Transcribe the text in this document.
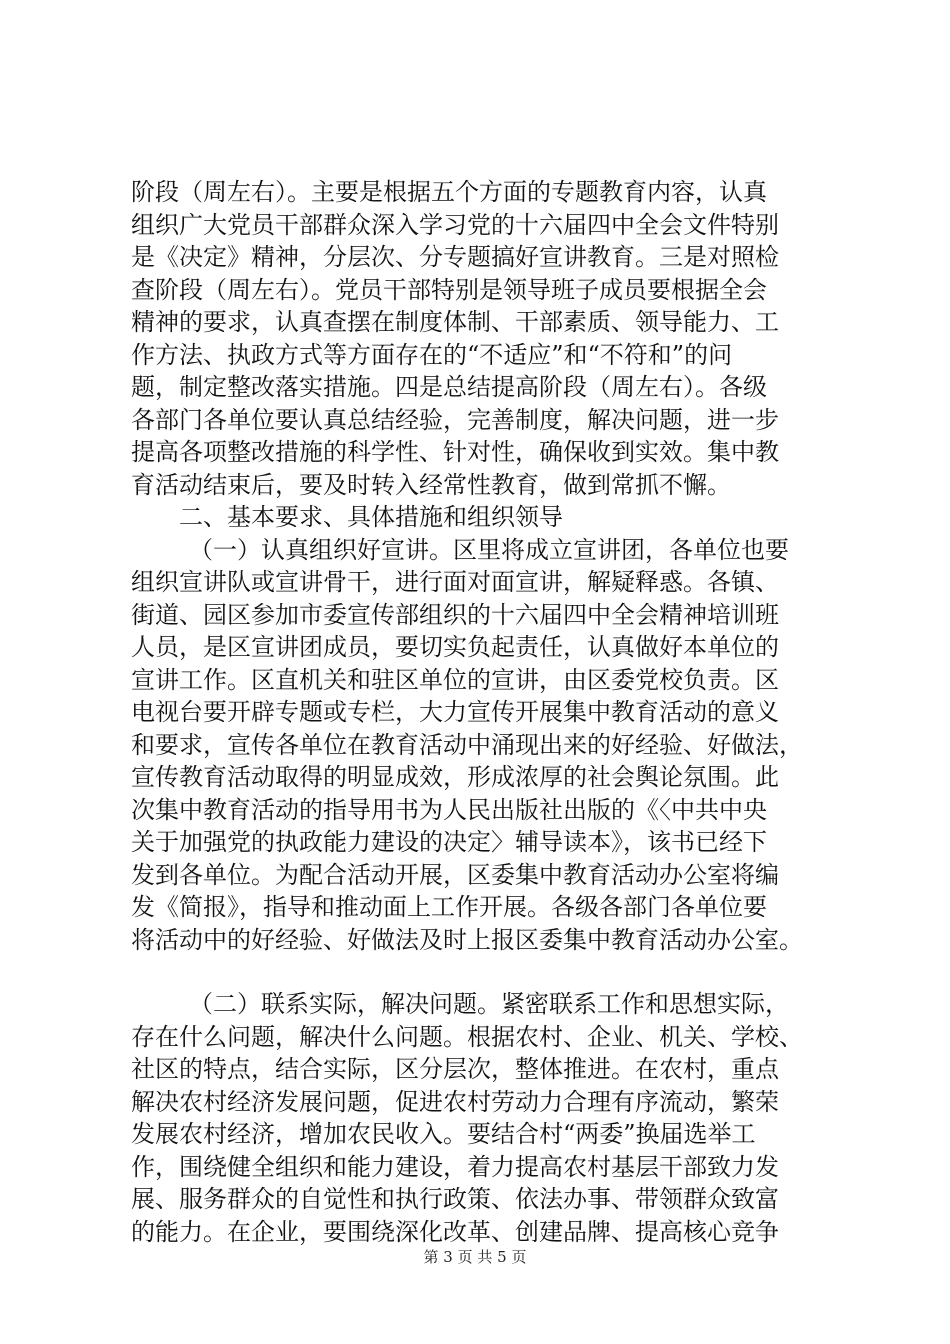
阶段（周左右）。主要是根据五个方面的专题教育内容，认真
组织广大党员干部群众深入学习党的十六届四中全会文件特别
是《决定》精神，分层次、分专题搞好宣讲教育。三是对照检
查阶段（周左右）。党员干部特别是领导班子成员要根据全会
精神的要求，认真查摆在制度体制、干部素质、领导能力、工
作方法、执政方式等方面存在的“不适应”和“不符和”的问
题，制定整改落实措施。四是总结提高阶段（周左右）。各级
各部门各单位要认真总结经验，完善制度，解决问题，进一步
提高各项整改措施的科学性、针对性，确保收到实效。集中教
育活动结束后，要及时转入经常性教育，做到常抓不懈。
二、基本要求、具体措施和组织领导
（一）认真组织好宣讲。区里将成立宣讲团，各单位也要
组织宣讲队或宣讲骨干，进行面对面宣讲，解疑释惑。各镇、
街道、园区参加市委宣传部组织的十六届四中全会精神培训班
人员，是区宣讲团成员，要切实负起责任，认真做好本单位的
宣讲工作。区直机关和驻区单位的宣讲，由区委党校负责。区
电视台要开辟专题或专栏，大力宣传开展集中教育活动的意义
和要求，宣传各单位在教育活动中涌现出来的好经验、好做法，
宣传教育活动取得的明显成效，形成浓厚的社会舆论氛围。此
次集中教育活动的指导用书为人民出版社出版的《〈中共中央
关于加强党的执政能力建设的决定〉辅导读本》，该书已经下
发到各单位。为配合活动开展，区委集中教育活动办公室将编
发《简报》，指导和推动面上工作开展。各级各部门各单位要
将活动中的好经验、好做法及时上报区委集中教育活动办公室。
（二）联系实际，解决问题。紧密联系工作和思想实际，
存在什么问题，解决什么问题。根据农村、企业、机关、学校、
社区的特点，结合实际，区分层次，整体推进。在农村，重点
解决农村经济发展问题，促进农村劳动力合理有序流动，繁荣
发展农村经济，增加农民收入。要结合村“两委”换届选举工
作，围绕健全组织和能力建设，着力提高农村基层干部致力发
展、服务群众的自觉性和执行政策、依法办事、带领群众致富
的能力。在企业，要围绕深化改革、创建品牌、提高核心竞争
第 3 页 共 5 页
